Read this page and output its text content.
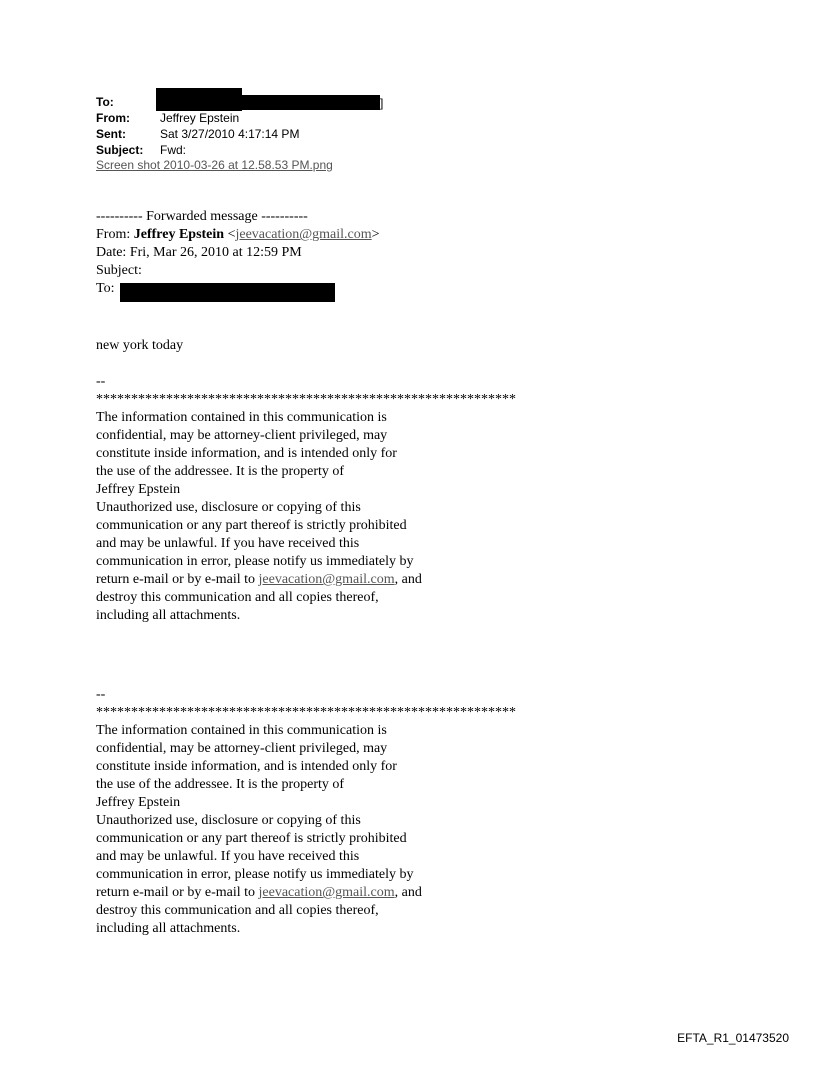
To:	]
From:	Jeffrey Epstein
Sent:	Sat 3/27/2010 4:17:14 PM
Subject: Fwd:
Screen shot 2010-03-26 at 12.58.53 PM.png
---------- Forwarded message ----------
From: Jeffrey Epstein <jeevacation@gmail.com>
Date: Fri, Mar 26, 2010 at 12:59 PM
Subject:
To:
new york today
--
************************************************************
The information contained in this communication is
confidential, may be attorney-client privileged, may
constitute inside information, and is intended only for
the use of the addressee. It is the property of
Jeffrey Epstein
Unauthorized use, disclosure or copying of this
communication or any part thereof is strictly prohibited
and may be unlawful. If you have received this
communication in error, please notify us immediately by
return e-mail or by e-mail to jeevacation@gmail.com, and
destroy this communication and all copies thereof,
including all attachments.
--
************************************************************
The information contained in this communication is
confidential, may be attorney-client privileged, may
constitute inside information, and is intended only for
the use of the addressee. It is the property of
Jeffrey Epstein
Unauthorized use, disclosure or copying of this
communication or any part thereof is strictly prohibited
and may be unlawful. If you have received this
communication in error, please notify us immediately by
return e-mail or by e-mail to jeevacation@gmail.com, and
destroy this communication and all copies thereof,
including all attachments.
EFTA_R1_01473520
